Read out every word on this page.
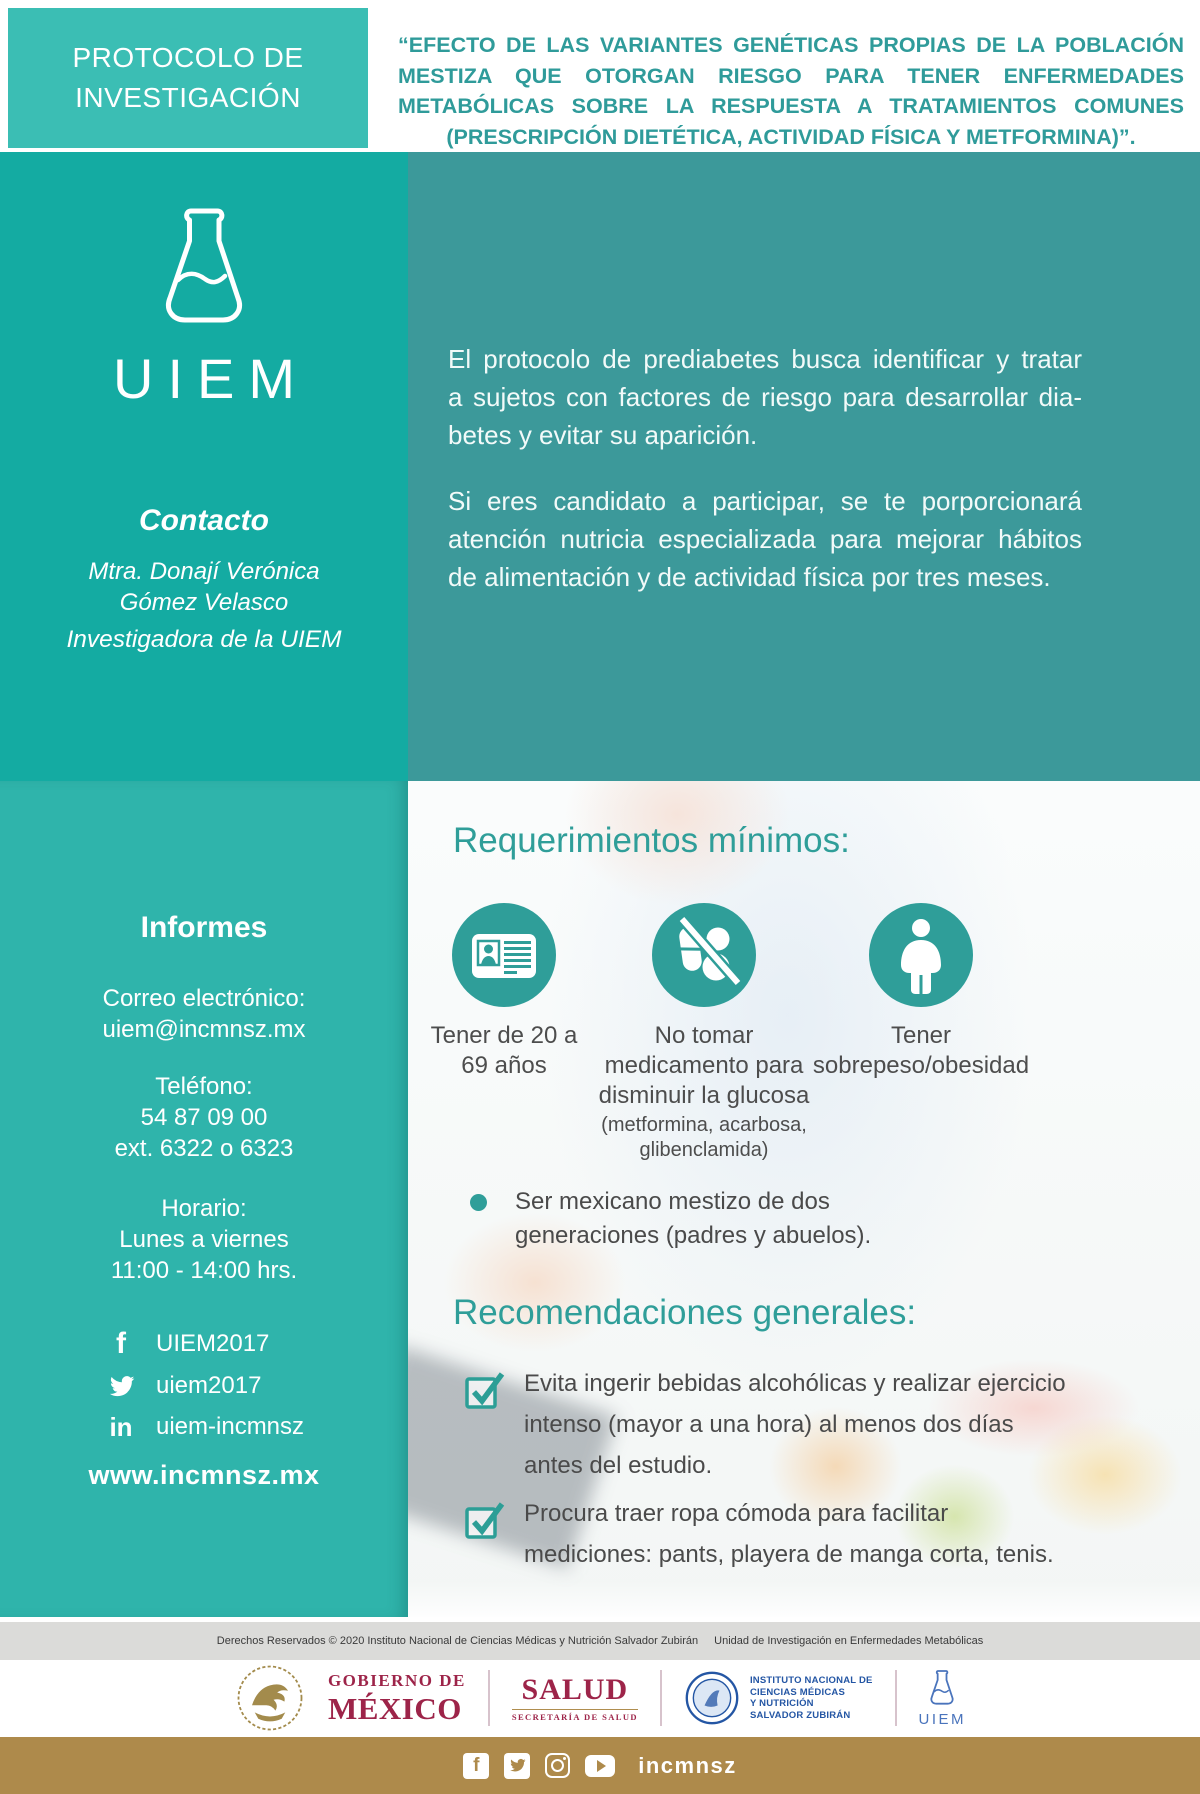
PROTOCOLO DE
INVESTIGACIÓN
“EFECTO DE LAS VARIANTES GENÉTICAS PROPIAS DE LA POBLACIÓN MESTIZA QUE OTORGAN RIESGO PARA TENER ENFERMEDADES METABÓLICAS SOBRE LA RESPUESTA A TRATAMIENTOS COMUNES (PRESCRIPCIÓN DIETÉTICA, ACTIVIDAD FÍSICA Y METFORMINA)”.
UIEM
Contacto
Mtra. Donají Verónica
Gómez Velasco
Investigadora de la UIEM
El protocolo de prediabetes busca identificar y tratar
a sujetos con factores de riesgo para desarrollar dia-
betes y evitar su aparición.
Si eres candidato a participar, se te porporcionará
atención nutricia especializada para mejorar hábitos
de alimentación y de actividad física por tres meses.
Informes
Correo electrónico:
uiem@incmnsz.mx
Teléfono:
54 87 09 00
ext. 6322 o 6323
Horario:
Lunes a viernes
11:00 - 14:00 hrs.
f	UIEM2017
uiem2017
in uiem-incmnsz
www.incmnsz.mx
Requerimientos mínimos:
Tener de 20 a 69 años
No tomar medicamento para disminuir la glucosa
(metformina, acarbosa, glibenclamida)
Tener sobrepeso/obesidad
Ser mexicano mestizo de dos generaciones (padres y abuelos).
Recomendaciones generales:
Evita ingerir bebidas alcohólicas y realizar ejercicio intenso (mayor a una hora) al menos dos días antes del estudio.
Procura traer ropa cómoda para facilitar mediciones: pants, playera de manga corta, tenis.
Derechos Reservados © 2020 Instituto Nacional de Ciencias Médicas y Nutrición Salvador Zubirán Unidad de Investigación en Enfermedades Metabólicas
GOBIERNO DE
MÉXICO
SALUD
SECRETARÍA DE SALUD
INSTITUTO NACIONAL DE
CIENCIAS MÉDICAS
Y NUTRICIÓN
SALVADOR ZUBIRÁN	UIEM
f	incmnsz
